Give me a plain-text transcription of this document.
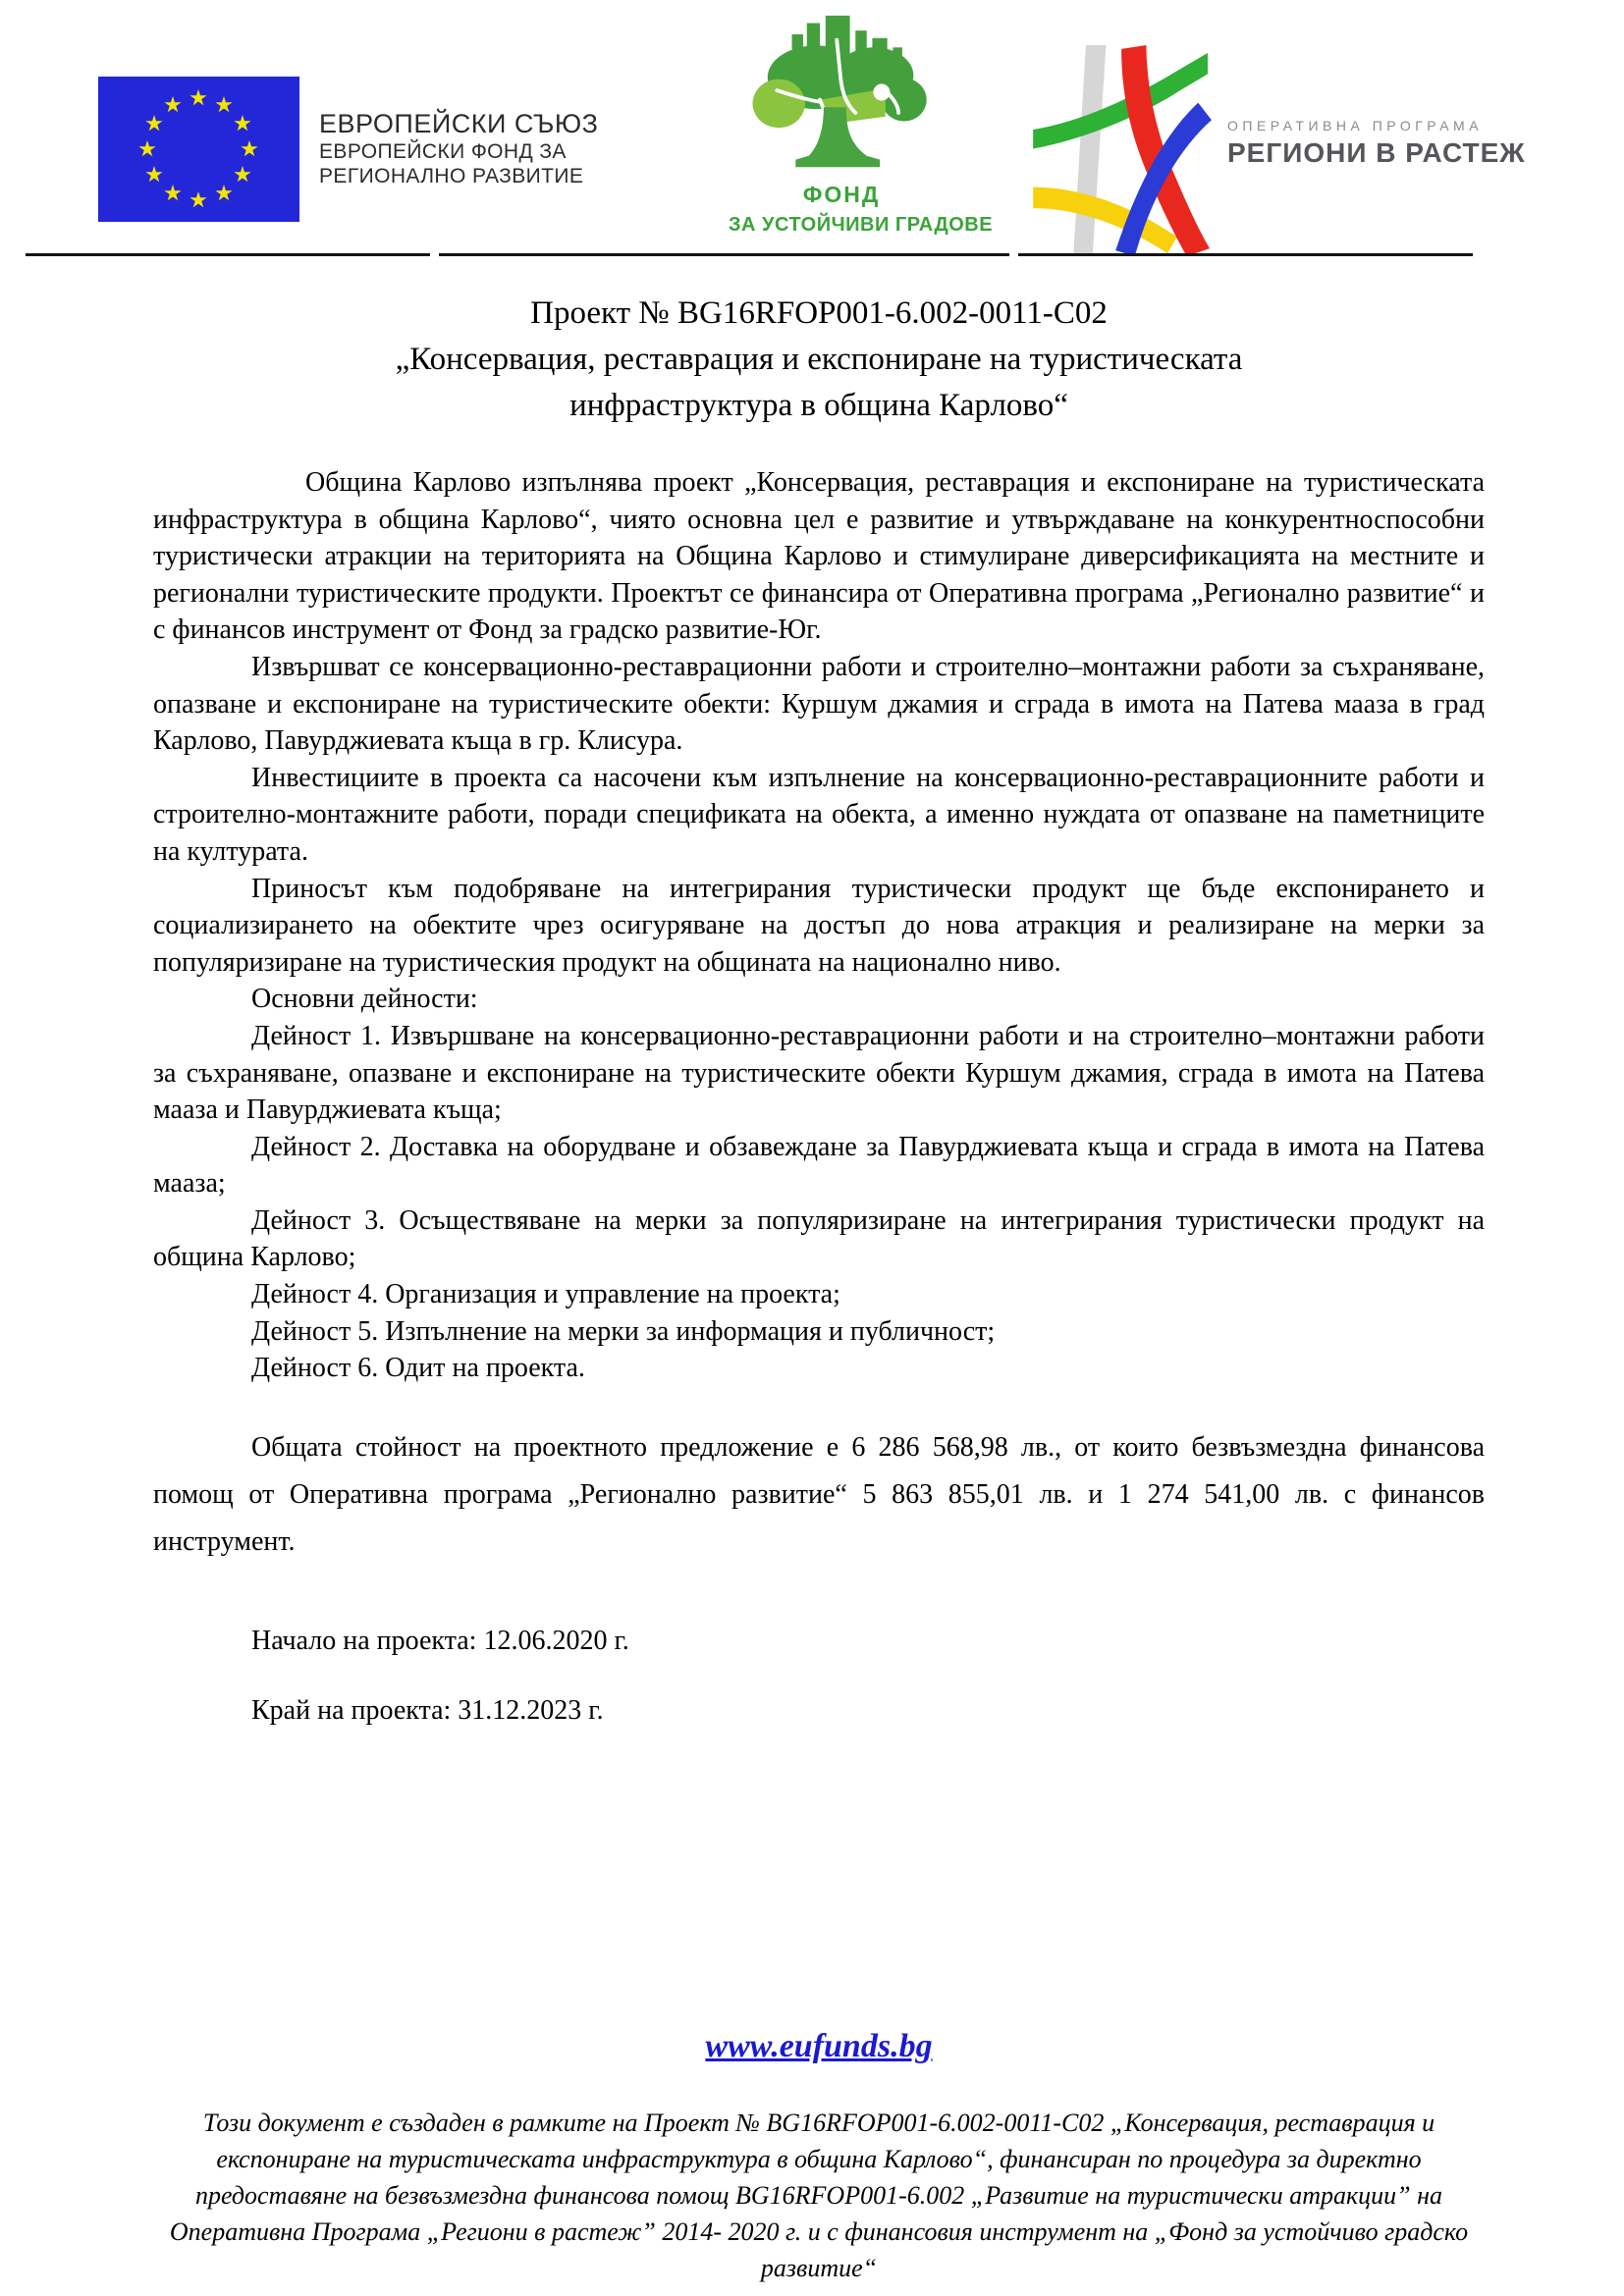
ЕВРОПЕЙСКИ СЪЮЗ
ЕВРОПЕЙСКИ ФОНД ЗА
РЕГИОНАЛНО РАЗВИТИЕ
ФОНД
ЗА УСТОЙЧИВИ ГРАДОВЕ
ОПЕРАТИВНА ПРОГРАМА
РЕГИОНИ В РАСТЕЖ
Проект № BG16RFOP001-6.002-0011-C02
„Консервация, реставрация и експониране на туристическата
инфраструктура в община Карлово“

Община Карлово изпълнява проект „Консервация, реставрация и експониране на туристическата инфраструктура в община Карлово“, чиято основна цел е развитие и утвърждаване на конкурентноспособни туристически атракции на територията на Община Карлово и стимулиране диверсификацията на местните и регионални туристическите продукти. Проектът се финансира от Оперативна програма „Регионално развитие“ и с финансов инструмент от Фонд за градско развитие-Юг.

Извършват се консервационно-реставрационни работи и строително–монтажни работи за съхраняване, опазване и експониране на туристическите обекти: Куршум джамия и сграда в имота на Патева мааза в град Карлово, Павурджиевата къща в гр. Клисура.

Инвестициите в проекта са насочени към изпълнение на консервационно-реставрационните работи и строително-монтажните работи, поради спецификата на обекта, а именно нуждата от опазване на паметниците на културата.

Приносът към подобряване на интегрирания туристически продукт ще бъде експонирането и социализирането на обектите чрез осигуряване на достъп до нова атракция и реализиране на мерки за популяризиране на туристическия продукт на общината на национално ниво.

Основни дейности:

Дейност 1. Извършване на консервационно-реставрационни работи и на строително–монтажни работи за съхраняване, опазване и експониране на туристическите обекти Куршум джамия, сграда в имота на Патева мааза и Павурджиевата къща;

Дейност 2. Доставка на оборудване и обзавеждане за Павурджиевата къща и сграда в имота на Патева мааза;

Дейност 3. Осъществяване на мерки за популяризиране на интегрирания туристически продукт на община Карлово;

Дейност 4. Организация и управление на проекта;

Дейност 5. Изпълнение на мерки за информация и публичност;

Дейност 6. Одит на проекта.

Общата стойност на проектното предложение е 6 286 568,98 лв., от които безвъзмездна финансова помощ от Оперативна програма „Регионално развитие“ 5 863 855,01 лв. и 1 274 541,00 лв. с финансов инструмент.

Начало на проекта: 12.06.2020 г.

Край на проекта: 31.12.2023 г.

www.eufunds.bg

Този документ е създаден в рамките на Проект № BG16RFOP001-6.002-0011-C02 „Консервация, реставрация и експониране на туристическата инфраструктура в община Карлово“, финансиран по процедура за директно предоставяне на безвъзмездна финансова помощ BG16RFOP001-6.002 „Развитие на туристически атракции” на Оперативна Програма „Региони в растеж” 2014- 2020 г. и с финансовия инструмент на „Фонд за устойчиво градско развитие“
